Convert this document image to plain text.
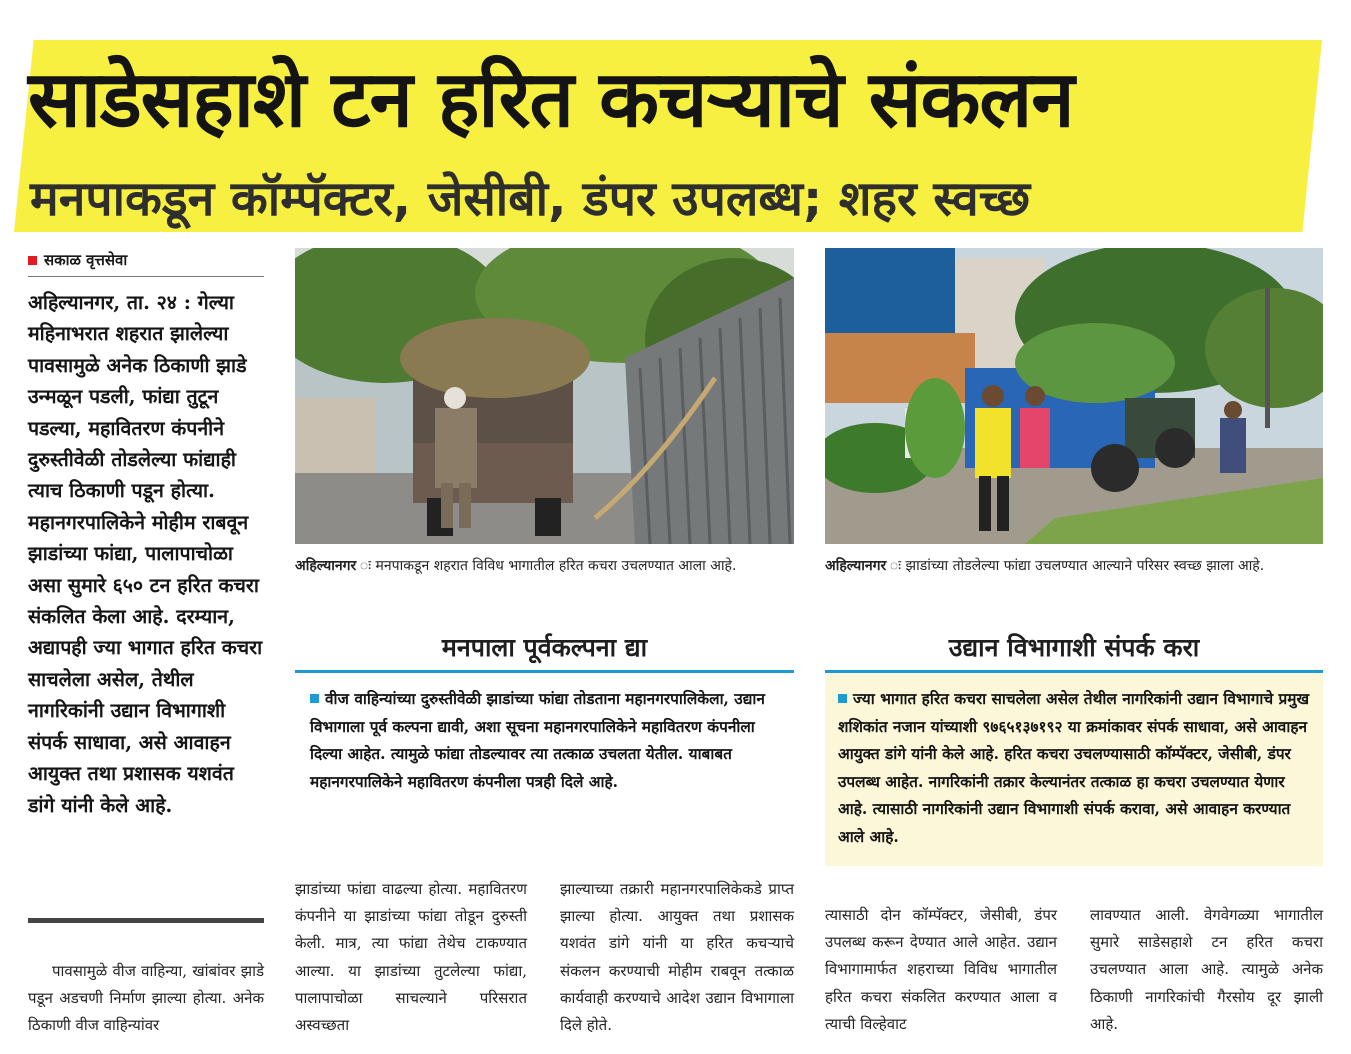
साडेसहाशे टन हरित कचऱ्याचे संकलन
मनपाकडून कॉम्पॅक्टर, जेसीबी, डंपर उपलब्ध; शहर स्वच्छ
सकाळ वृत्तसेवा

अहिल्यानगर, ता. २४ : गेल्या महिनाभरात शहरात झालेल्या पावसामुळे अनेक ठिकाणी झाडे उन्मळून पडली, फांद्या तुटून पडल्या, महावितरण कंपनीने दुरुस्तीवेळी तोडलेल्या फांद्याही त्याच ठिकाणी पडून होत्या. महानगरपालिकेने मोहीम राबवून झाडांच्या फांद्या, पालापाचोळा असा सुमारे ६५० टन हरित कचरा संकलित केला आहे. दरम्यान, अद्यापही ज्या भागात हरित कचरा साचलेला असेल, तेथील नागरिकांनी उद्यान विभागाशी संपर्क साधावा, असे आवाहन आयुक्त तथा प्रशासक यशवंत डांगे यांनी केले आहे.

पावसामुळे वीज वाहिन्या, खांबांवर झाडे पडून अडचणी निर्माण झाल्या होत्या. अनेक ठिकाणी वीज वाहिन्यांवर

अहिल्यानगर ः मनपाकडून शहरात विविध भागातील हरित कचरा उचलण्यात आला आहे.	अहिल्यानगर ः झाडांच्या तोडलेल्या फांद्या उचलण्यात आल्याने परिसर स्वच्छ झाला आहे.

मनपाला पूर्वकल्पना द्या

वीज वाहिन्यांच्या दुरुस्तीवेळी झाडांच्या फांद्या तोडताना महानगरपालिकेला, उद्यान विभागाला पूर्व कल्पना द्यावी, अशा सूचना महानगरपालिकेने महावितरण कंपनीला दिल्या आहेत. त्यामुळे फांद्या तोडल्यावर त्या तत्काळ उचलता येतील. याबाबत महानगरपालिकेने महावितरण कंपनीला पत्रही दिले आहे.

उद्यान विभागाशी संपर्क करा

ज्या भागात हरित कचरा साचलेला असेल तेथील नागरिकांनी उद्यान विभागाचे प्रमुख शशिकांत नजान यांच्याशी ९७६५१३७१९२ या क्रमांकावर संपर्क साधावा, असे आवाहन आयुक्त डांगे यांनी केले आहे. हरित कचरा उचलण्यासाठी कॉम्पॅक्टर, जेसीबी, डंपर उपलब्ध आहेत. नागरिकांनी तक्रार केल्यानंतर तत्काळ हा कचरा उचलण्यात येणार आहे. त्यासाठी नागरिकांनी उद्यान विभागाशी संपर्क करावा, असे आवाहन करण्यात आले आहे.

झाडांच्या फांद्या वाढल्या होत्या. महावितरण कंपनीने या झाडांच्या फांद्या तोडून दुरुस्ती केली. मात्र, त्या फांद्या तेथेच टाकण्यात आल्या. या झाडांच्या तुटलेल्या फांद्या, पालापाचोळा साचल्याने परिसरात अस्वच्छता

झाल्याच्या तक्रारी महानगरपालिकेकडे प्राप्त झाल्या होत्या. आयुक्त तथा प्रशासक यशवंत डांगे यांनी या हरित कचऱ्याचे संकलन करण्याची मोहीम राबवून तत्काळ कार्यवाही करण्याचे आदेश उद्यान विभागाला दिले होते.

त्यासाठी दोन कॉम्पॅक्टर, जेसीबी, डंपर उपलब्ध करून देण्यात आले आहेत. उद्यान विभागामार्फत शहराच्या विविध भागातील हरित कचरा संकलित करण्यात आला व त्याची विल्हेवाट

लावण्यात आली. वेगवेगळ्या भागातील सुमारे साडेसहाशे टन हरित कचरा उचलण्यात आला आहे. त्यामुळे अनेक ठिकाणी नागरिकांची गैरसोय दूर झाली आहे.
